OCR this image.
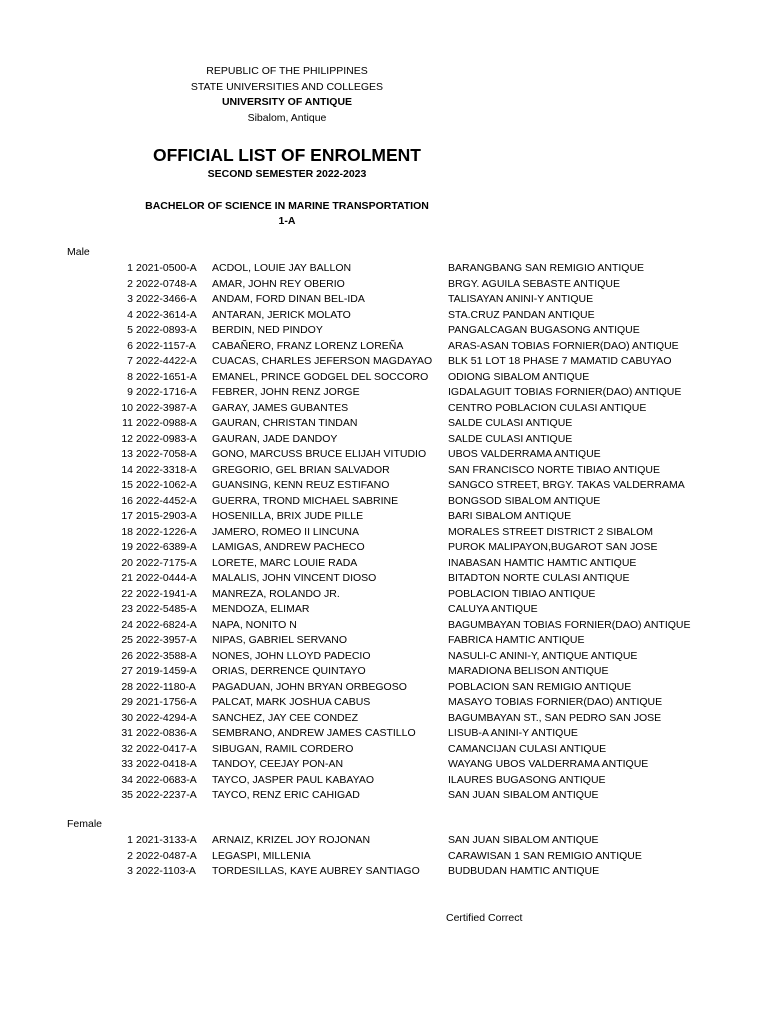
REPUBLIC OF THE PHILIPPINES
STATE UNIVERSITIES AND COLLEGES
UNIVERSITY OF ANTIQUE
Sibalom, Antique
OFFICIAL LIST OF ENROLMENT
SECOND SEMESTER 2022-2023
BACHELOR OF SCIENCE IN MARINE TRANSPORTATION
1-A
Male
1 2021-0500-A ACDOL, LOUIE JAY BALLON	BARANGBANG SAN REMIGIO ANTIQUE
2 2022-0748-A AMAR, JOHN REY OBERIO	BRGY. AGUILA SEBASTE ANTIQUE
3 2022-3466-A ANDAM, FORD DINAN BEL-IDA	TALISAYAN ANINI-Y ANTIQUE
4 2022-3614-A ANTARAN, JERICK MOLATO	STA.CRUZ PANDAN ANTIQUE
5 2022-0893-A BERDIN, NED PINDOY	PANGALCAGAN BUGASONG ANTIQUE
6 2022-1157-A CABAÑERO, FRANZ LORENZ LOREÑA	ARAS-ASAN TOBIAS FORNIER(DAO) ANTIQUE
7 2022-4422-A CUACAS, CHARLES JEFERSON MAGDAYAO	BLK 51 LOT 18 PHASE 7 MAMATID CABUYAO
8 2022-1651-A EMANEL, PRINCE GODGEL DEL SOCCORO	ODIONG SIBALOM ANTIQUE
9 2022-1716-A FEBRER, JOHN RENZ JORGE	IGDALAGUIT TOBIAS FORNIER(DAO) ANTIQUE
10 2022-3987-A GARAY, JAMES GUBANTES	CENTRO POBLACION CULASI ANTIQUE
11 2022-0988-A GAURAN, CHRISTAN TINDAN	SALDE CULASI ANTIQUE
12 2022-0983-A GAURAN, JADE DANDOY	SALDE CULASI ANTIQUE
13 2022-7058-A GONO, MARCUSS BRUCE ELIJAH VITUDIO	UBOS VALDERRAMA ANTIQUE
14 2022-3318-A GREGORIO, GEL BRIAN SALVADOR	SAN FRANCISCO NORTE TIBIAO ANTIQUE
15 2022-1062-A GUANSING, KENN REUZ ESTIFANO	SANGCO STREET, BRGY. TAKAS VALDERRAMA
16 2022-4452-A GUERRA, TROND MICHAEL SABRINE	BONGSOD SIBALOM ANTIQUE
17 2015-2903-A HOSENILLA, BRIX JUDE PILLE	BARI SIBALOM ANTIQUE
18 2022-1226-A JAMERO, ROMEO II LINCUNA	MORALES STREET DISTRICT 2 SIBALOM
19 2022-6389-A LAMIGAS, ANDREW PACHECO	PUROK MALIPAYON,BUGAROT SAN JOSE
20 2022-7175-A LORETE, MARC LOUIE RADA	INABASAN HAMTIC HAMTIC ANTIQUE
21 2022-0444-A MALALIS, JOHN VINCENT DIOSO	BITADTON NORTE CULASI ANTIQUE
22 2022-1941-A MANREZA, ROLANDO JR.	POBLACION TIBIAO ANTIQUE
23 2022-5485-A MENDOZA, ELIMAR	CALUYA ANTIQUE
24 2022-6824-A NAPA, NONITO N	BAGUMBAYAN TOBIAS FORNIER(DAO) ANTIQUE
25 2022-3957-A NIPAS, GABRIEL SERVANO	FABRICA HAMTIC ANTIQUE
26 2022-3588-A NONES, JOHN LLOYD PADECIO	NASULI-C ANINI-Y, ANTIQUE ANTIQUE
27 2019-1459-A ORIAS, DERRENCE QUINTAYO	MARADIONA BELISON ANTIQUE
28 2022-1180-A PAGADUAN, JOHN BRYAN ORBEGOSO	POBLACION SAN REMIGIO ANTIQUE
29 2021-1756-A PALCAT, MARK JOSHUA CABUS	MASAYO TOBIAS FORNIER(DAO) ANTIQUE
30 2022-4294-A SANCHEZ, JAY CEE CONDEZ	BAGUMBAYAN ST., SAN PEDRO SAN JOSE
31 2022-0836-A SEMBRANO, ANDREW JAMES CASTILLO	LISUB-A ANINI-Y ANTIQUE
32 2022-0417-A SIBUGAN, RAMIL CORDERO	CAMANCIJAN CULASI ANTIQUE
33 2022-0418-A TANDOY, CEEJAY PON-AN	WAYANG UBOS VALDERRAMA ANTIQUE
34 2022-0683-A TAYCO, JASPER PAUL KABAYAO	ILAURES BUGASONG ANTIQUE
35 2022-2237-A TAYCO, RENZ ERIC CAHIGAD	SAN JUAN SIBALOM ANTIQUE
Female
1 2021-3133-A ARNAIZ, KRIZEL JOY ROJONAN	SAN JUAN SIBALOM ANTIQUE
2 2022-0487-A LEGASPI, MILLENIA	CARAWISAN 1 SAN REMIGIO ANTIQUE
3 2022-1103-A TORDESILLAS, KAYE AUBREY SANTIAGO	BUDBUDAN HAMTIC ANTIQUE
Certified Correct
